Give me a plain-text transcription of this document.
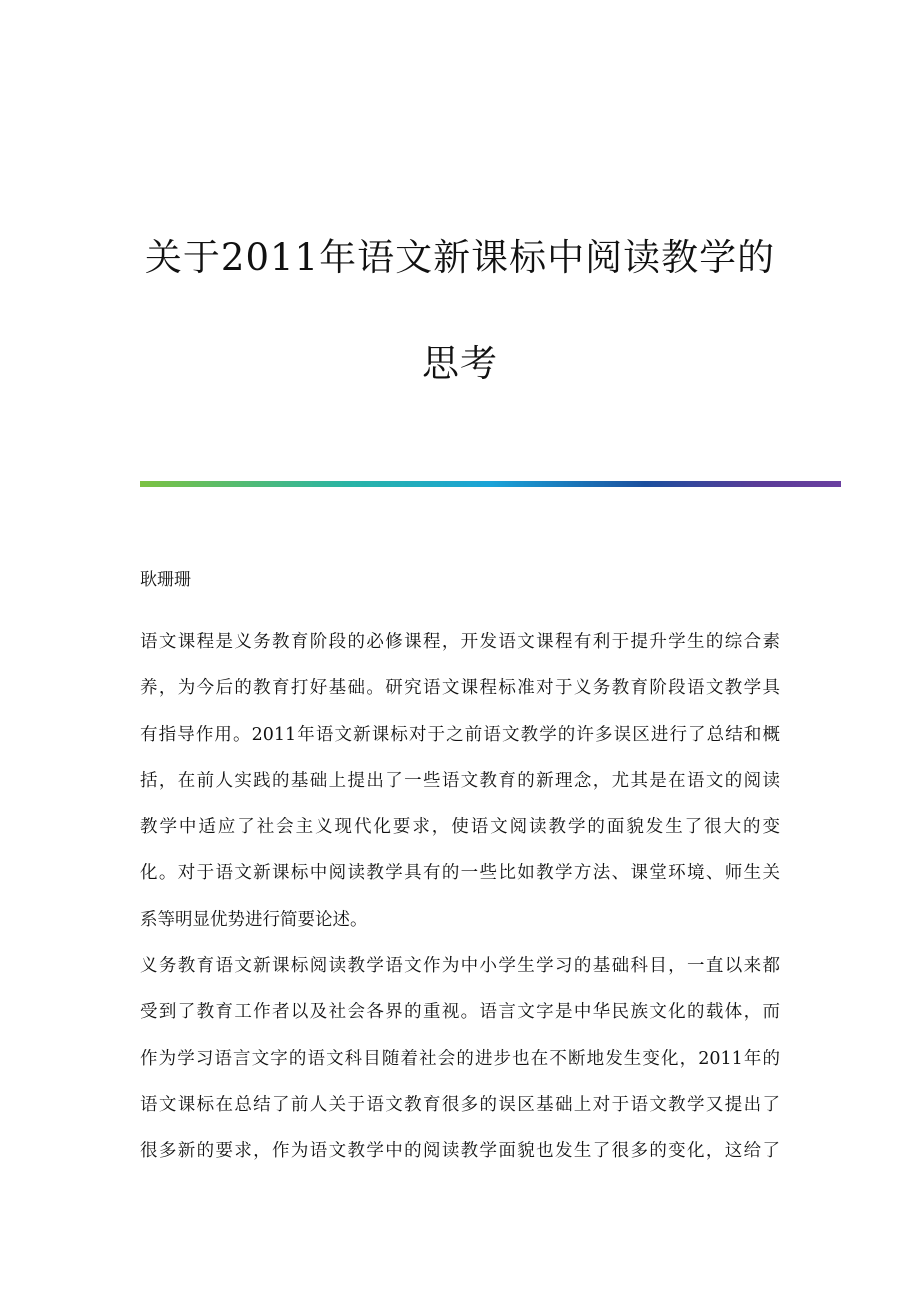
关于2011年语文新课标中阅读教学的
思考

耿珊珊

语文课程是义务教育阶段的必修课程，开发语文课程有利于提升学生的综合素
养，为今后的教育打好基础。研究语文课程标准对于义务教育阶段语文教学具
有指导作用。2011年语文新课标对于之前语文教学的许多误区进行了总结和概
括，在前人实践的基础上提出了一些语文教育的新理念，尤其是在语文的阅读
教学中适应了社会主义现代化要求，使语文阅读教学的面貌发生了很大的变
化。对于语文新课标中阅读教学具有的一些比如教学方法、课堂环境、师生关
系等明显优势进行简要论述。
义务教育语文新课标阅读教学语文作为中小学生学习的基础科目，一直以来都
受到了教育工作者以及社会各界的重视。语言文字是中华民族文化的载体，而
作为学习语言文字的语文科目随着社会的进步也在不断地发生变化，2011年的
语文课标在总结了前人关于语文教育很多的误区基础上对于语文教学又提出了
很多新的要求，作为语文教学中的阅读教学面貌也发生了很多的变化，这给了
